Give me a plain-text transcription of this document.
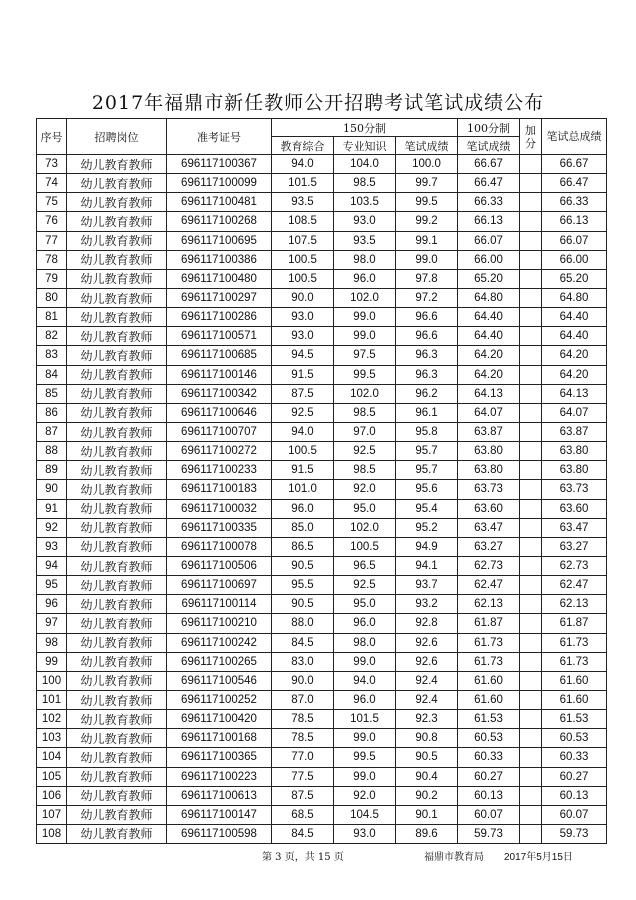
2017年福鼎市新任教师公开招聘考试笔试成绩公布
序号	招聘岗位	准考证号	150分制			100分制	加分	笔试总成绩
			教育综合	专业知识	笔试成绩	笔试成绩		
73	幼儿教育教师	696117100367	94.0	104.0	100.0	66.67		66.67
74	幼儿教育教师	696117100099	101.5	98.5	99.7	66.47		66.47
75	幼儿教育教师	696117100481	93.5	103.5	99.5	66.33		66.33
76	幼儿教育教师	696117100268	108.5	93.0	99.2	66.13		66.13
77	幼儿教育教师	696117100695	107.5	93.5	99.1	66.07		66.07
78	幼儿教育教师	696117100386	100.5	98.0	99.0	66.00		66.00
79	幼儿教育教师	696117100480	100.5	96.0	97.8	65.20		65.20
80	幼儿教育教师	696117100297	90.0	102.0	97.2	64.80		64.80
81	幼儿教育教师	696117100286	93.0	99.0	96.6	64.40		64.40
82	幼儿教育教师	696117100571	93.0	99.0	96.6	64.40		64.40
83	幼儿教育教师	696117100685	94.5	97.5	96.3	64.20		64.20
84	幼儿教育教师	696117100146	91.5	99.5	96.3	64.20		64.20
85	幼儿教育教师	696117100342	87.5	102.0	96.2	64.13		64.13
86	幼儿教育教师	696117100646	92.5	98.5	96.1	64.07		64.07
87	幼儿教育教师	696117100707	94.0	97.0	95.8	63.87		63.87
88	幼儿教育教师	696117100272	100.5	92.5	95.7	63.80		63.80
89	幼儿教育教师	696117100233	91.5	98.5	95.7	63.80		63.80
90	幼儿教育教师	696117100183	101.0	92.0	95.6	63.73		63.73
91	幼儿教育教师	696117100032	96.0	95.0	95.4	63.60		63.60
92	幼儿教育教师	696117100335	85.0	102.0	95.2	63.47		63.47
93	幼儿教育教师	696117100078	86.5	100.5	94.9	63.27		63.27
94	幼儿教育教师	696117100506	90.5	96.5	94.1	62.73		62.73
95	幼儿教育教师	696117100697	95.5	92.5	93.7	62.47		62.47
96	幼儿教育教师	696117100114	90.5	95.0	93.2	62.13		62.13
97	幼儿教育教师	696117100210	88.0	96.0	92.8	61.87		61.87
98	幼儿教育教师	696117100242	84.5	98.0	92.6	61.73		61.73
99	幼儿教育教师	696117100265	83.0	99.0	92.6	61.73		61.73
100	幼儿教育教师	696117100546	90.0	94.0	92.4	61.60		61.60
101	幼儿教育教师	696117100252	87.0	96.0	92.4	61.60		61.60
102	幼儿教育教师	696117100420	78.5	101.5	92.3	61.53		61.53
103	幼儿教育教师	696117100168	78.5	99.0	90.8	60.53		60.53
104	幼儿教育教师	696117100365	77.0	99.5	90.5	60.33		60.33
105	幼儿教育教师	696117100223	77.5	99.0	90.4	60.27		60.27
106	幼儿教育教师	696117100613	87.5	92.0	90.2	60.13		60.13
107	幼儿教育教师	696117100147	68.5	104.5	90.1	60.07		60.07
108	幼儿教育教师	696117100598	84.5	93.0	89.6	59.73		59.73
第 3 页，共 15 页	福鼎市教育局 2017年5月15日
